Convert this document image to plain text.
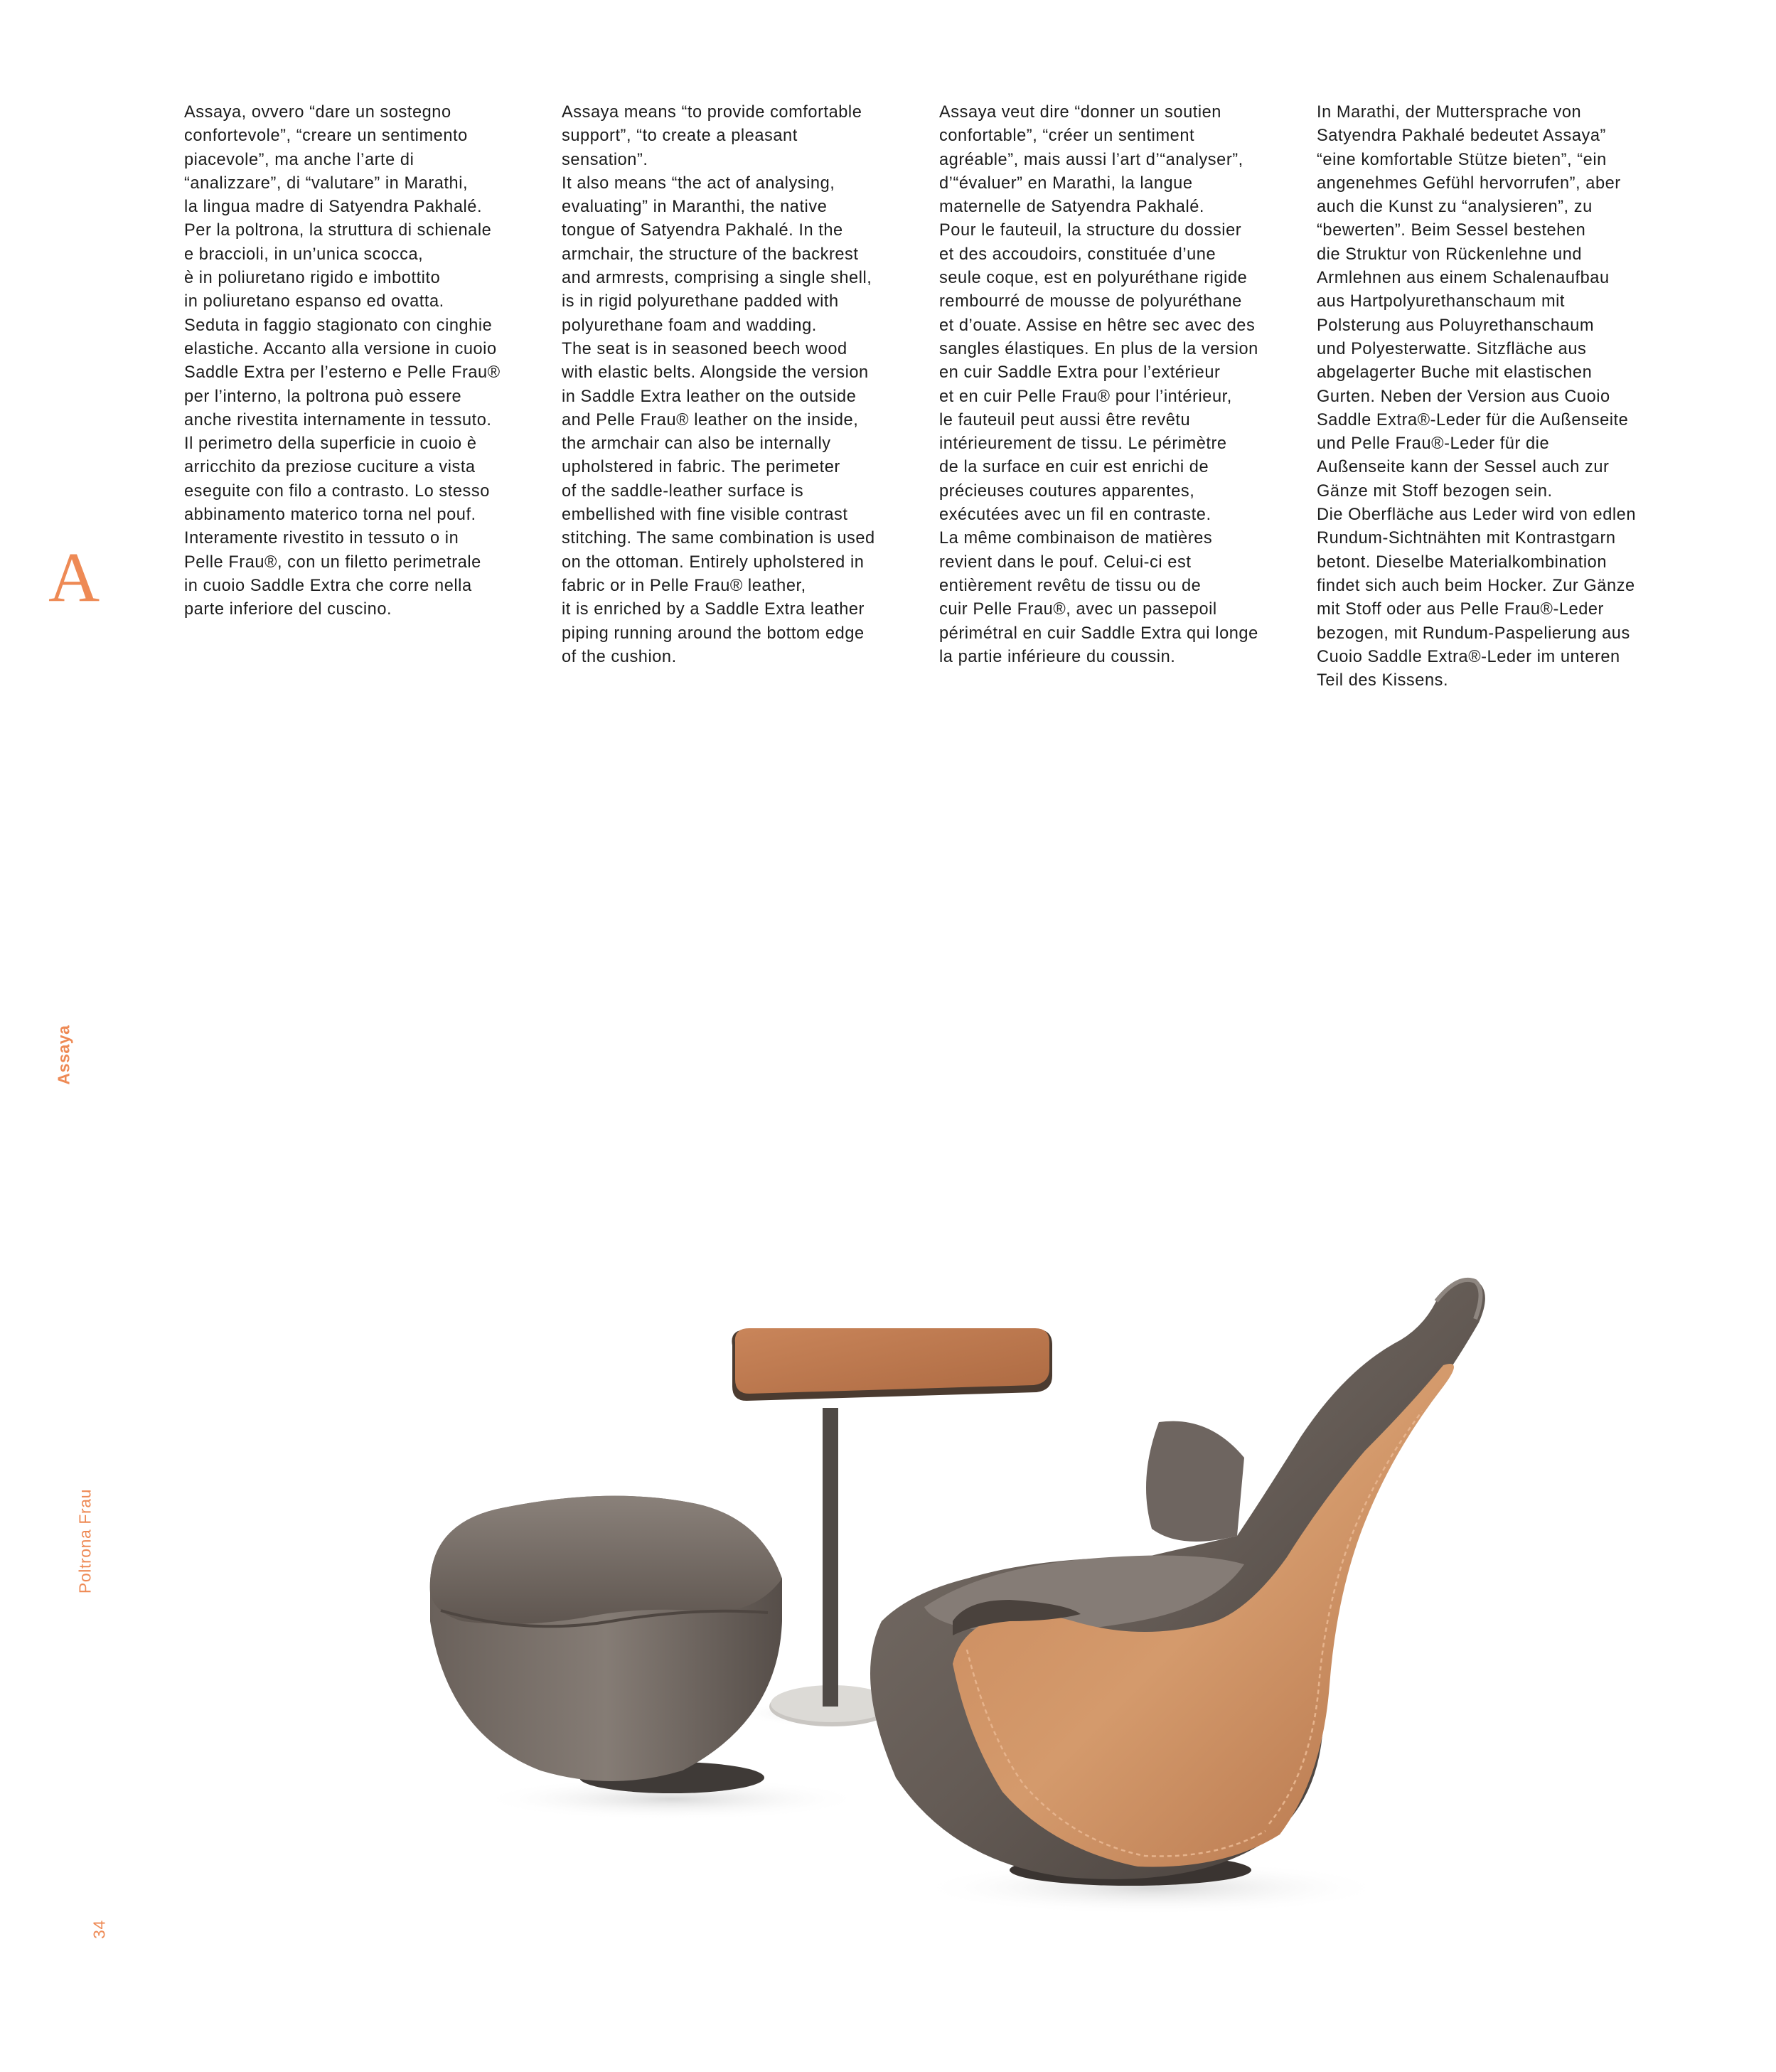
Assaya, ovvero “dare un sostegno
confortevole”, “creare un sentimento
piacevole”, ma anche l’arte di
“analizzare”, di “valutare” in Marathi,
la lingua madre di Satyendra Pakhalé.
Per la poltrona, la struttura di schienale
e braccioli, in un’unica scocca,
è in poliuretano rigido e imbottito
in poliuretano espanso ed ovatta.
Seduta in faggio stagionato con cinghie
elastiche. Accanto alla versione in cuoio
Saddle Extra per l’esterno e Pelle Frau®
per l’interno, la poltrona può essere
anche rivestita internamente in tessuto.
Il perimetro della superficie in cuoio è
arricchito da preziose cuciture a vista
eseguite con filo a contrasto. Lo stesso
abbinamento materico torna nel pouf.
Interamente rivestito in tessuto o in
Pelle Frau®, con un filetto perimetrale
in cuoio Saddle Extra che corre nella
parte inferiore del cuscino.
Assaya means “to provide comfortable
support”, “to create a pleasant
sensation”.
It also means “the act of analysing,
evaluating” in Maranthi, the native
tongue of Satyendra Pakhalé. In the
armchair, the structure of the backrest
and armrests, comprising a single shell,
is in rigid polyurethane padded with
polyurethane foam and wadding.
The seat is in seasoned beech wood
with elastic belts. Alongside the version
in Saddle Extra leather on the outside
and Pelle Frau® leather on the inside,
the armchair can also be internally
upholstered in fabric. The perimeter
of the saddle-leather surface is
embellished with fine visible contrast
stitching. The same combination is used
on the ottoman. Entirely upholstered in
fabric or in Pelle Frau® leather,
it is enriched by a Saddle Extra leather
piping running around the bottom edge
of the cushion.
Assaya veut dire “donner un soutien
confortable”, “créer un sentiment
agréable”, mais aussi l’art d’“analyser”,
d’“évaluer” en Marathi, la langue
maternelle de Satyendra Pakhalé.
Pour le fauteuil, la structure du dossier
et des accoudoirs, constituée d’une
seule coque, est en polyuréthane rigide
rembourré de mousse de polyuréthane
et d’ouate. Assise en hêtre sec avec des
sangles élastiques. En plus de la version
en cuir Saddle Extra pour l’extérieur
et en cuir Pelle Frau® pour l’intérieur,
le fauteuil peut aussi être revêtu
intérieurement de tissu. Le périmètre
de la surface en cuir est enrichi de
précieuses coutures apparentes,
exécutées avec un fil en contraste.
La même combinaison de matières
revient dans le pouf. Celui-ci est
entièrement revêtu de tissu ou de
cuir Pelle Frau®, avec un passepoil
périmétral en cuir Saddle Extra qui longe
la partie inférieure du coussin.
In Marathi, der Muttersprache von
Satyendra Pakhalé bedeutet Assaya”
“eine komfortable Stütze bieten”, “ein
angenehmes Gefühl hervorrufen”, aber
auch die Kunst zu “analysieren”, zu
“bewerten”. Beim Sessel bestehen
die Struktur von Rückenlehne und
Armlehnen aus einem Schalenaufbau
aus Hartpolyurethanschaum mit
Polsterung aus Poluyrethanschaum
und Polyesterwatte. Sitzfläche aus
abgelagerter Buche mit elastischen
Gurten. Neben der Version aus Cuoio
Saddle Extra®-Leder für die Außenseite
und Pelle Frau®-Leder für die
Außenseite kann der Sessel auch zur
Gänze mit Stoff bezogen sein.
Die Oberfläche aus Leder wird von edlen
Rundum-Sichtnähten mit Kontrastgarn
betont. Dieselbe Materialkombination
findet sich auch beim Hocker. Zur Gänze
mit Stoff oder aus Pelle Frau®-Leder
bezogen, mit Rundum-Paspelierung aus
Cuoio Saddle Extra®-Leder im unteren
Teil des Kissens.
A
Assaya
Poltrona Frau
34
